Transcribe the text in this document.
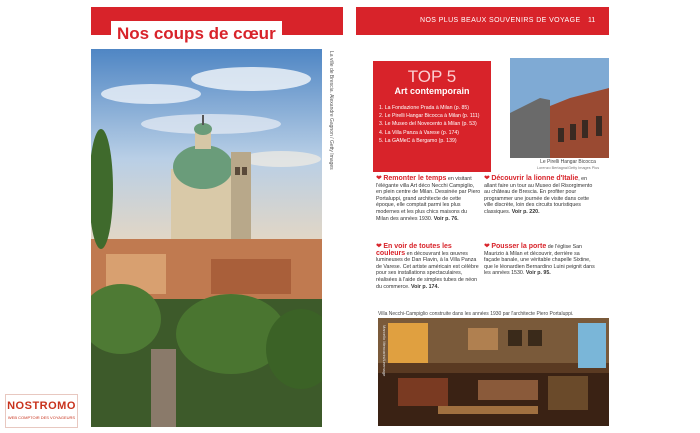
Nos coups de cœur
La ville de Brescia. Alexandre Gagnon / Getty Images
NOS PLUS BEAUX SOUVENIRS DE VOYAGE 11
TOP 5
Art contemporain
1. La Fondazione Prada à Milan (p. 85)
2. Le Pirelli Hangar Bicocca à Milan (p. 111)
3. Le Museo del Novecento à Milan (p. 53)
4. La Villa Panza à Varese (p. 174)
5. La GAMeC à Bergamo (p. 139)
Le Pirelli Hangar Bicocca
Lorenzo Bertagna/Getty Images Plus
❤ Remonter le temps en visitant l'élégante villa Art déco Necchi Campiglio, en plein centre de Milan. Dessinée par Piero Portaluppi, grand architecte de cette époque, elle comptait parmi les plus modernes et les plus chics maisons du Milan des années 1930. Voir p. 76.
❤ Découvrir la lionne d'Italie, en allant faire un tour au Museo del Risorgimento au château de Brescia. En profiter pour programmer une journée de visite dans cette ville discrète, loin des circuits touristiques classiques. Voir p. 220.
❤ En voir de toutes les couleurs en découvrant les œuvres lumineuses de Dan Flavin, à la Villa Panza de Varese. Cet artiste américain est célèbre pour ses installations spectaculaires, réalisées à l'aide de simples tubes de néon du commerce. Voir p. 174.
❤ Pousser la porte de l'église San Maurizio à Milan et découvrir, derrière sa façade banale, une véritable chapelle Sixtine, que le léonardien Bernardino Luini peignit dans les années 1530. Voir p. 95.
Villa Necchi-Campiglio construite dans les années 1930 par l'architecte Piero Portaluppi.
Marcello Mencarini/Leemage
NOSTROMO
WEB COMPTOIR DES VOYAGEURS
